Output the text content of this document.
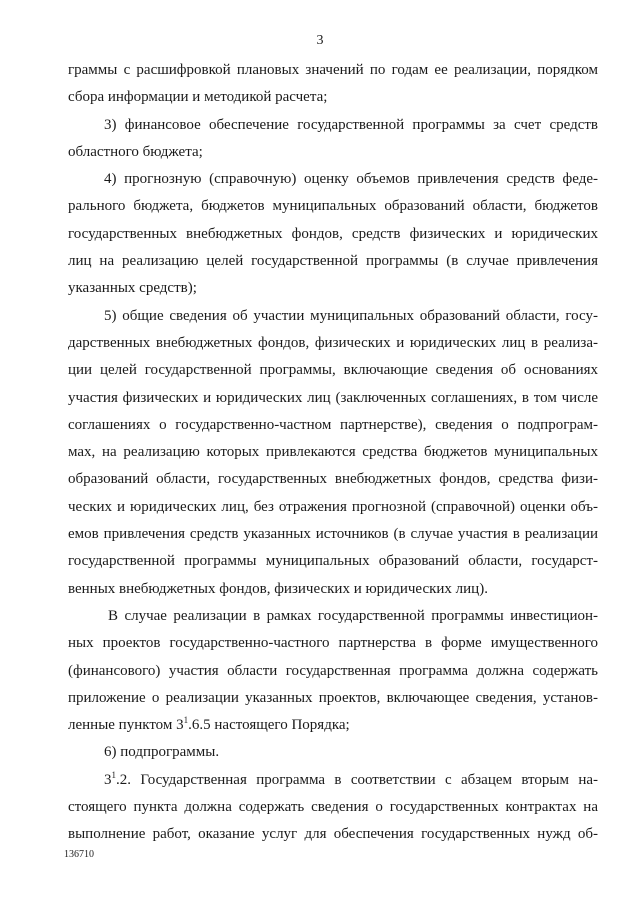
3
граммы с расшифровкой плановых значений по годам ее реализации, порядком
сбора информации и методикой расчета;
3) финансовое обеспечение государственной программы за счет средств
областного бюджета;
4) прогнозную (справочную) оценку объемов привлечения средств феде-
рального бюджета, бюджетов муниципальных образований области, бюджетов
государственных внебюджетных фондов, средств физических и юридических
лиц на реализацию целей государственной программы (в случае привлечения
указанных средств);
5) общие сведения об участии муниципальных образований области, госу-
дарственных внебюджетных фондов, физических и юридических лиц в реализа-
ции целей государственной программы, включающие сведения об основаниях
участия физических и юридических лиц (заключенных соглашениях, в том числе
соглашениях о государственно-частном партнерстве), сведения о подпрограм-
мах, на реализацию которых привлекаются средства бюджетов муниципальных
образований области, государственных внебюджетных фондов, средства физи-
ческих и юридических лиц, без отражения прогнозной (справочной) оценки объ-
емов привлечения средств указанных источников (в случае участия в реализации
государственной программы муниципальных образований области, государст-
венных внебюджетных фондов, физических и юридических лиц).
В случае реализации в рамках государственной программы инвестицион-
ных проектов государственно-частного партнерства в форме имущественного
(финансового) участия области государственная программа должна содержать
приложение о реализации указанных проектов, включающее сведения, установ-
ленные пунктом $3^1.6.5$ настоящего Порядка;
6) подпрограммы.
$3^1.2$. Государственная программа в соответствии с абзацем вторым на-
стоящего пункта должна содержать сведения о государственных контрактах на
выполнение работ, оказание услуг для обеспечения государственных нужд об-
136710
